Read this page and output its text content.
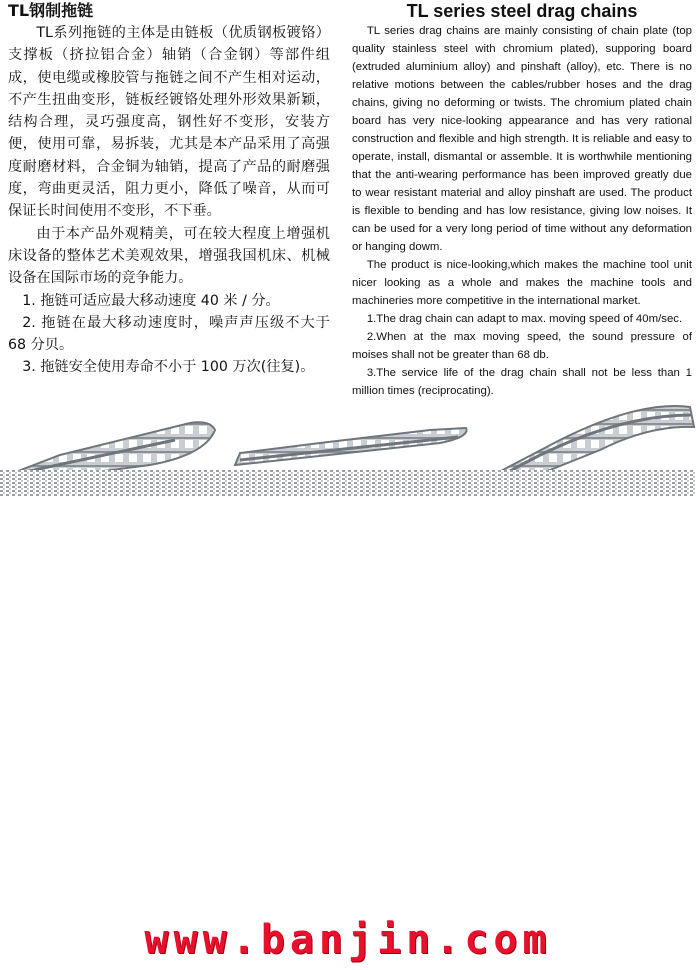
TL钢制拖链

TL系列拖链的主体是由链板（优质钢板镀铬）支撑板（挤拉铝合金）轴销（合金钢）等部件组成，使电缆或橡胶管与拖链之间不产生相对运动，不产生扭曲变形，链板经镀铬处理外形效果新颖，结构合理，灵巧强度高，钢性好不变形，安装方便，使用可靠，易拆装，尤其是本产品采用了高强度耐磨材料，合金铜为轴销，提高了产品的耐磨强度，弯曲更灵活，阻力更小，降低了噪音，从而可保证长时间使用不变形，不下垂。

由于本产品外观精美，可在较大程度上增强机床设备的整体艺术美观效果，增强我国机床、机械设备在国际市场的竞争能力。

1. 拖链可适应最大移动速度 40 米 / 分。

2. 拖链在最大移动速度时，噪声声压级不大于 68 分贝。

3. 拖链安全使用寿命不小于 100 万次(往复)。

TL series steel drag chains

TL series drag chains are mainly consisting of chain plate (top quality stainless steel with chromium plated), supporing board (extruded aluminium alloy) and pinshaft (alloy), etc. There is no relative motions between the cables/rubber hoses and the drag chains, giving no deforming or twists. The chromium plated chain board has very nice-looking appearance and has very rational construction and flexible and high strength. It is reliable and easy to operate, install, dismantal or assemble. It is worthwhile mentioning that the anti-wearing performance has been improved greatly due to wear resistant material and alloy pinshaft are used. The product is flexible to bending and has low resistance, giving low noises. It can be used for a very long period of time without any deformation or hanging dowm.

The product is nice-looking,which makes the machine tool unit nicer looking as a whole and makes the machine tools and machineries more competitive in the international market.

1.The drag chain can adapt to max. moving speed of 40m/sec.

2.When at the max moving speed, the sound pressure of moises shall not be greater than 68 db.

3.The service life of the drag chain shall not be less than 1 million times (reciprocating).

www.banjin.com
